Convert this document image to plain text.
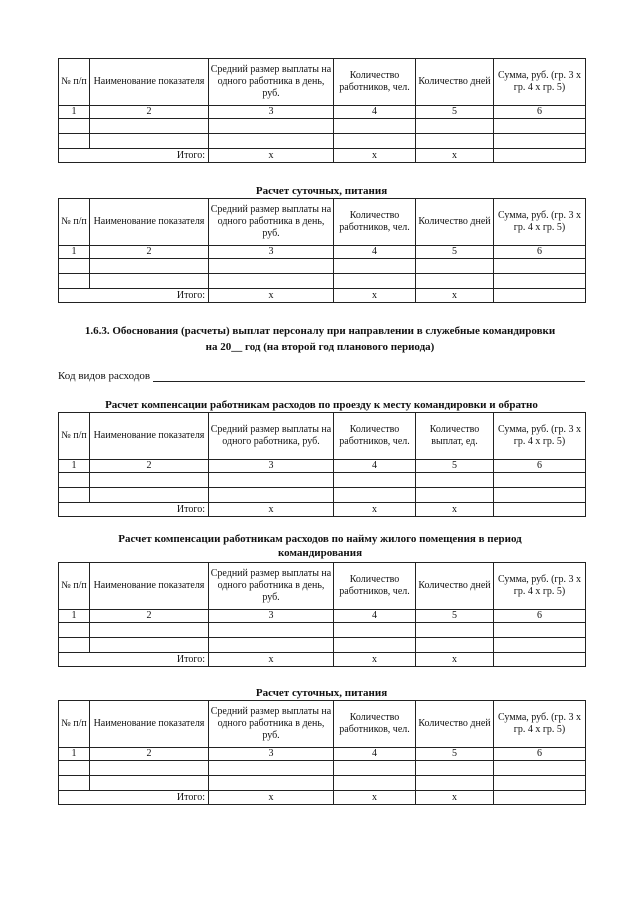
№ п/п	Наименование показателя	Средний размер выплаты на одного работника в день, руб.	Количество работников, чел.	Количество дней	Сумма, руб. (гр. 3 х гр. 4 х гр. 5)
1	2	3	4	5	6

Итого:		x	x	x	
Расчет суточных, питания
№ п/п	Наименование показателя	Средний размер выплаты на одного работника в день, руб.	Количество работников, чел.	Количество дней	Сумма, руб. (гр. 3 х гр. 4 х гр. 5)
1	2	3	4	5	6

Итого:		x	x	x	
1.6.3. Обоснования (расчеты) выплат персоналу при направлении в служебные командировки
на 20__ год (на второй год планового периода)
Код видов расходов
Расчет компенсации работникам расходов по проезду к месту командировки и обратно
№ п/п	Наименование показателя	Средний размер выплаты на одного работника, руб.	Количество работников, чел.	Количество выплат, ед.	Сумма, руб. (гр. 3 х гр. 4 х гр. 5)
1	2	3	4	5	6

Итого:		x	x	x	
Расчет компенсации работникам расходов по найму жилого помещения в период
командирования
№ п/п	Наименование показателя	Средний размер выплаты на одного работника в день, руб.	Количество работников, чел.	Количество дней	Сумма, руб. (гр. 3 х гр. 4 х гр. 5)
1	2	3	4	5	6

Итого:		x	x	x	
Расчет суточных, питания
№ п/п	Наименование показателя	Средний размер выплаты на одного работника в день, руб.	Количество работников, чел.	Количество дней	Сумма, руб. (гр. 3 х гр. 4 х гр. 5)
1	2	3	4	5	6

Итого:		x	x	x	
